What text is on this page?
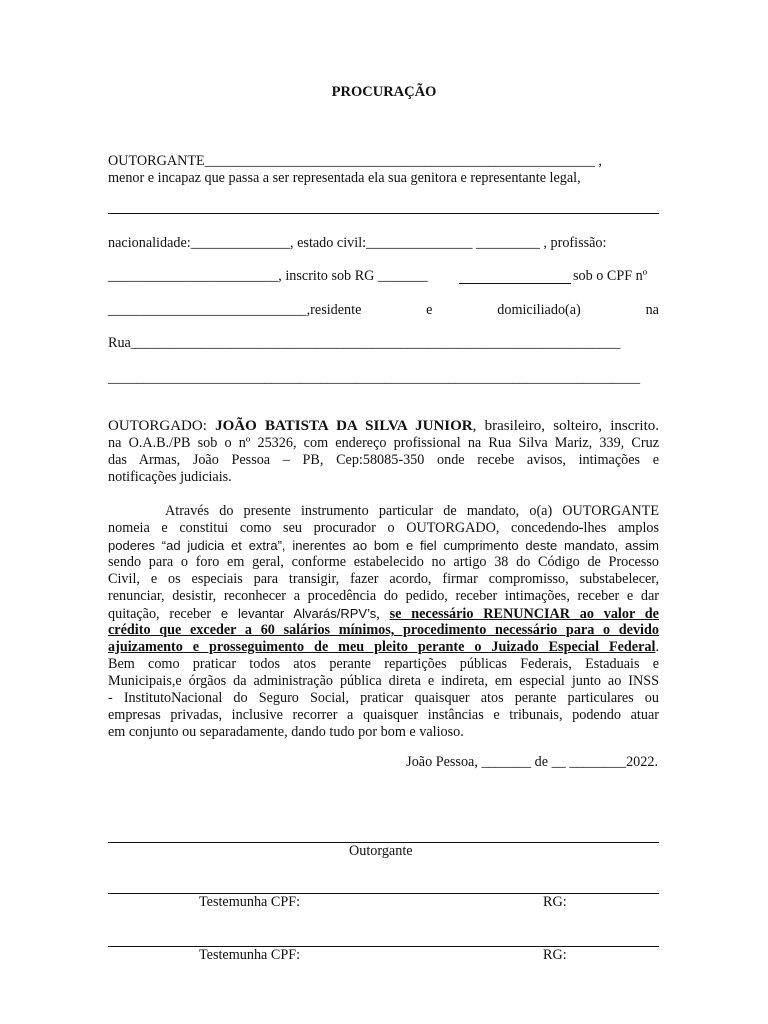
PROCURAÇÃO
OUTORGANTE_______________________________________________________ ,
menor e incapaz que passa a ser representada ela sua genitora e representante legal,
nacionalidade:______________, estado civil:_______________ _________ , profissão:
________________________, inscrito sob RG _______	sob o CPF nº
____________________________,residente	e	domiciliado(a)	na
Rua_____________________________________________________________________
___________________________________________________________________________
OUTORGADO: JOÃO BATISTA DA SILVA JUNIOR, brasileiro, solteiro, inscrito.
na O.A.B./PB sob o nº 25326, com endereço profissional na Rua Silva Mariz, 339, Cruz
das Armas, João Pessoa – PB, Cep:58085-350 onde recebe avisos, intimações e
notificações judiciais.
Através do presente instrumento particular de mandato, o(a) OUTORGANTE
nomeia e constitui como seu procurador o OUTORGADO, concedendo-lhes amplos
poderes “ad judicia et extra”, inerentes ao bom e fiel cumprimento deste mandato, assim
sendo para o foro em geral, conforme estabelecido no artigo 38 do Código de Processo
Civil, e os especiais para transigir, fazer acordo, firmar compromisso, substabelecer,
renunciar, desistir, reconhecer a procedência do pedido, receber intimações, receber e dar
quitação, receber e levantar Alvarás/RPV’s, se necessário RENUNCIAR ao valor de
crédito que exceder a 60 salários mínimos, procedimento necessário para o devido
ajuizamento e prosseguimento de meu pleito perante o Juizado Especial Federal.
Bem como praticar todos atos perante repartições públicas Federais, Estaduais e
Municipais,e órgãos da administração pública direta e indireta, em especial junto ao INSS
- InstitutoNacional do Seguro Social, praticar quaisquer atos perante particulares ou
empresas privadas, inclusive recorrer a quaisquer instâncias e tribunais, podendo atuar
em conjunto ou separadamente, dando tudo por bom e valioso.
João Pessoa, _______ de __ ________2022.
Outorgante
Testemunha CPF:	RG:
Testemunha CPF:	RG:
